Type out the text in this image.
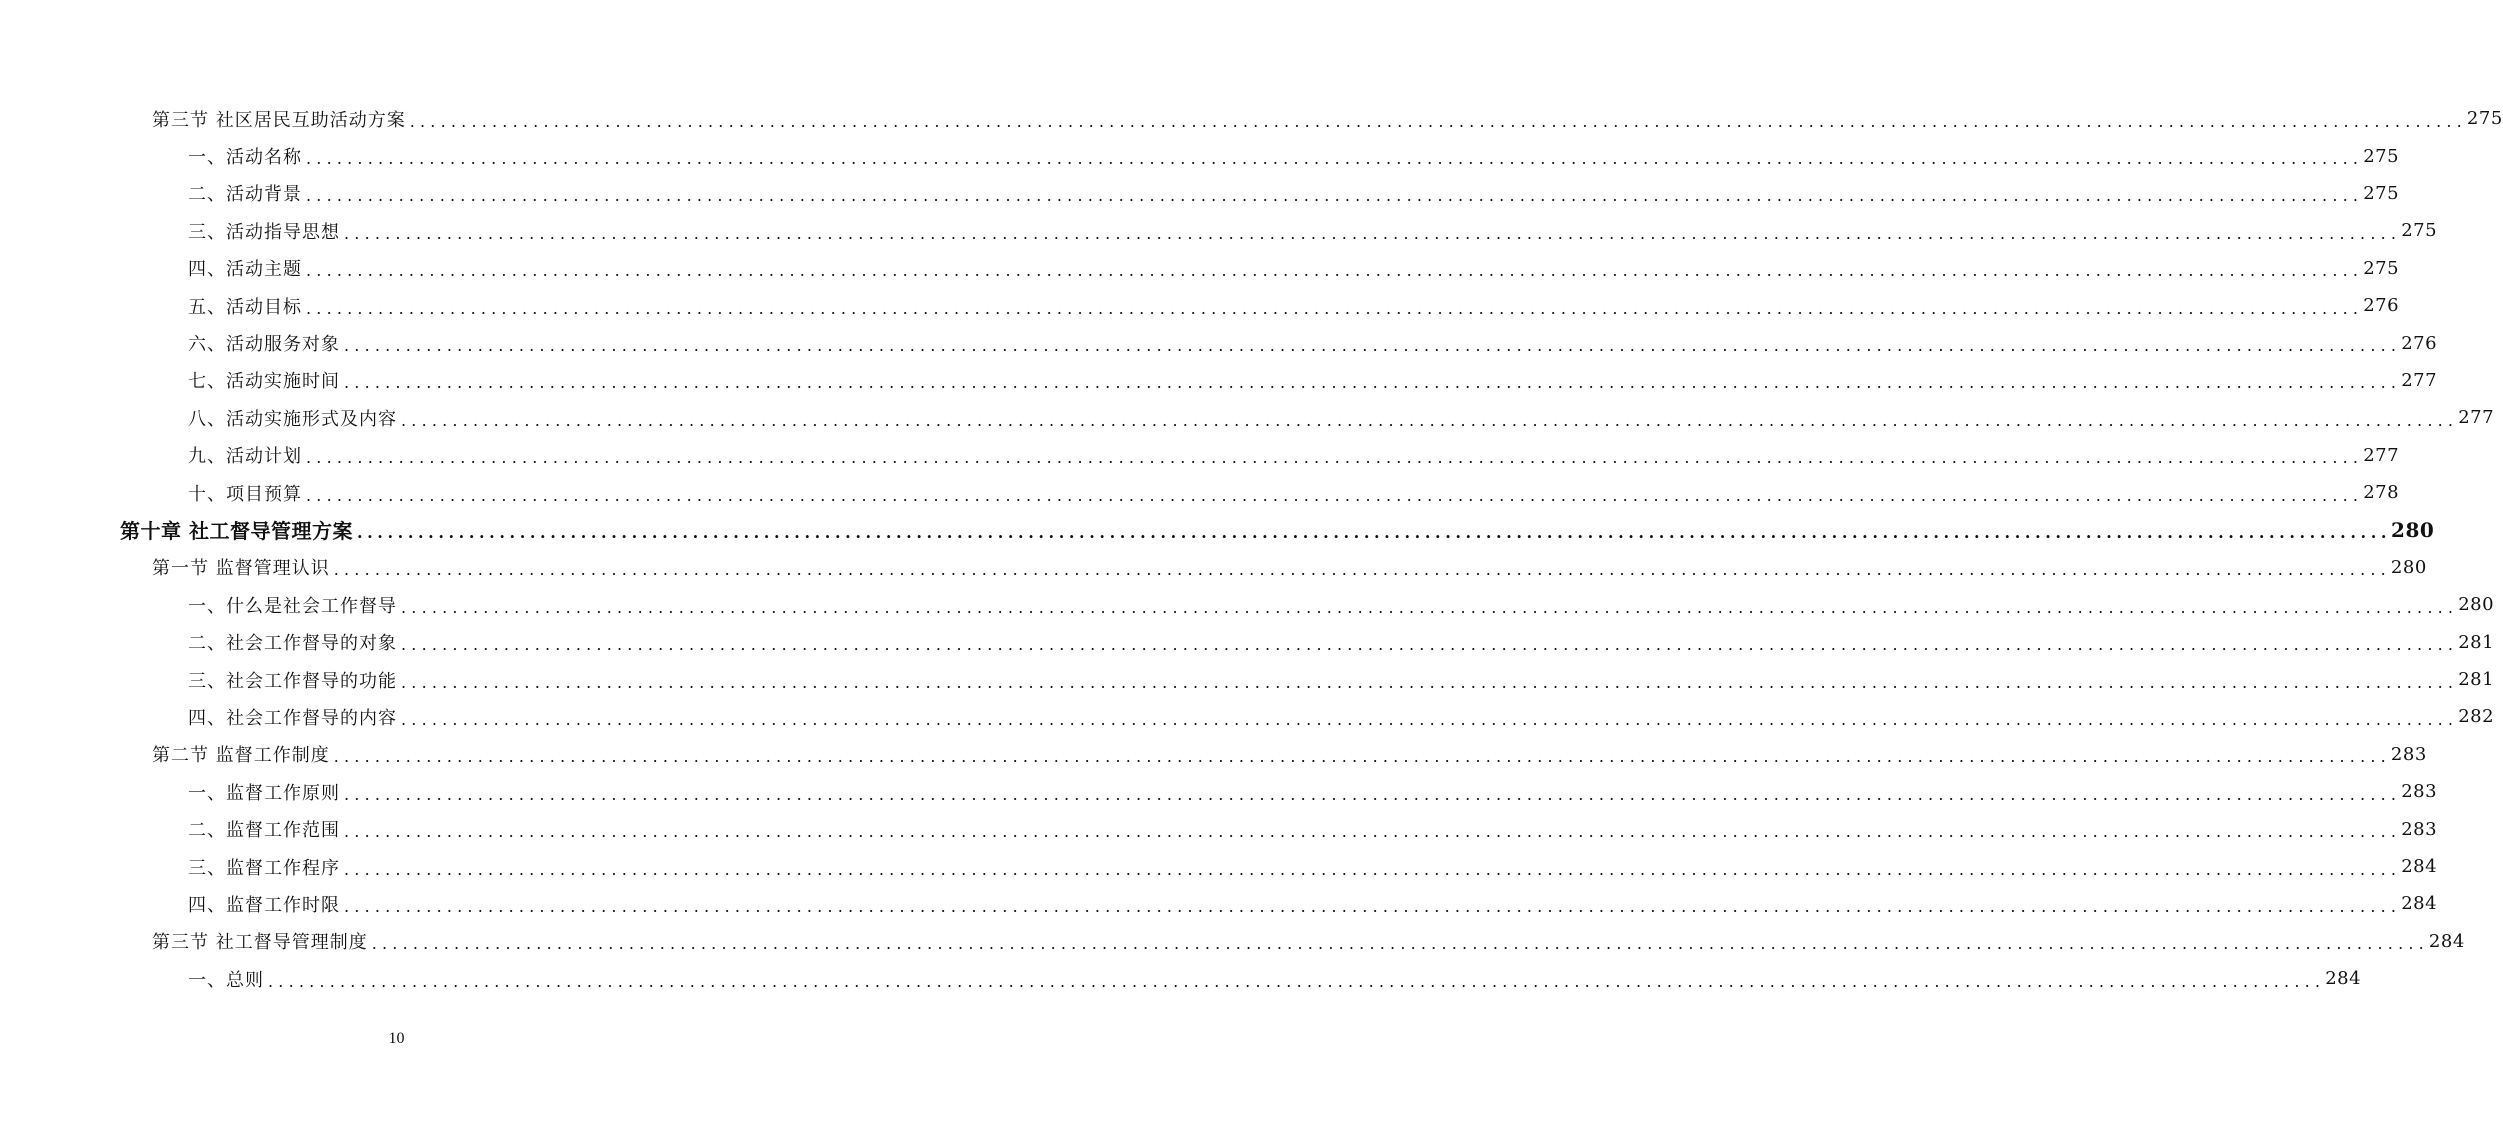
第三节 社区居民互助活动方案 ........................................................................................................................................................................................................ 275
一、活动名称 ........................................................................................................................................................................................................ 275
二、活动背景 ........................................................................................................................................................................................................ 275
三、活动指导思想 ........................................................................................................................................................................................................ 275
四、活动主题 ........................................................................................................................................................................................................ 275
五、活动目标 ........................................................................................................................................................................................................ 276
六、活动服务对象 ........................................................................................................................................................................................................ 276
七、活动实施时间 ........................................................................................................................................................................................................ 277
八、活动实施形式及内容 ........................................................................................................................................................................................................ 277
九、活动计划 ........................................................................................................................................................................................................ 277
十、项目预算 ........................................................................................................................................................................................................ 278
第十章 社工督导管理方案 ........................................................................................................................................................................................................ 280
第一节 监督管理认识 ........................................................................................................................................................................................................ 280
一、什么是社会工作督导 ........................................................................................................................................................................................................ 280
二、社会工作督导的对象 ........................................................................................................................................................................................................ 281
三、社会工作督导的功能 ........................................................................................................................................................................................................ 281
四、社会工作督导的内容 ........................................................................................................................................................................................................ 282
第二节 监督工作制度 ........................................................................................................................................................................................................ 283
一、监督工作原则 ........................................................................................................................................................................................................ 283
二、监督工作范围 ........................................................................................................................................................................................................ 283
三、监督工作程序 ........................................................................................................................................................................................................ 284
四、监督工作时限 ........................................................................................................................................................................................................ 284
第三节 社工督导管理制度 ........................................................................................................................................................................................................ 284
一、总则 ........................................................................................................................................................................................................ 284
10
